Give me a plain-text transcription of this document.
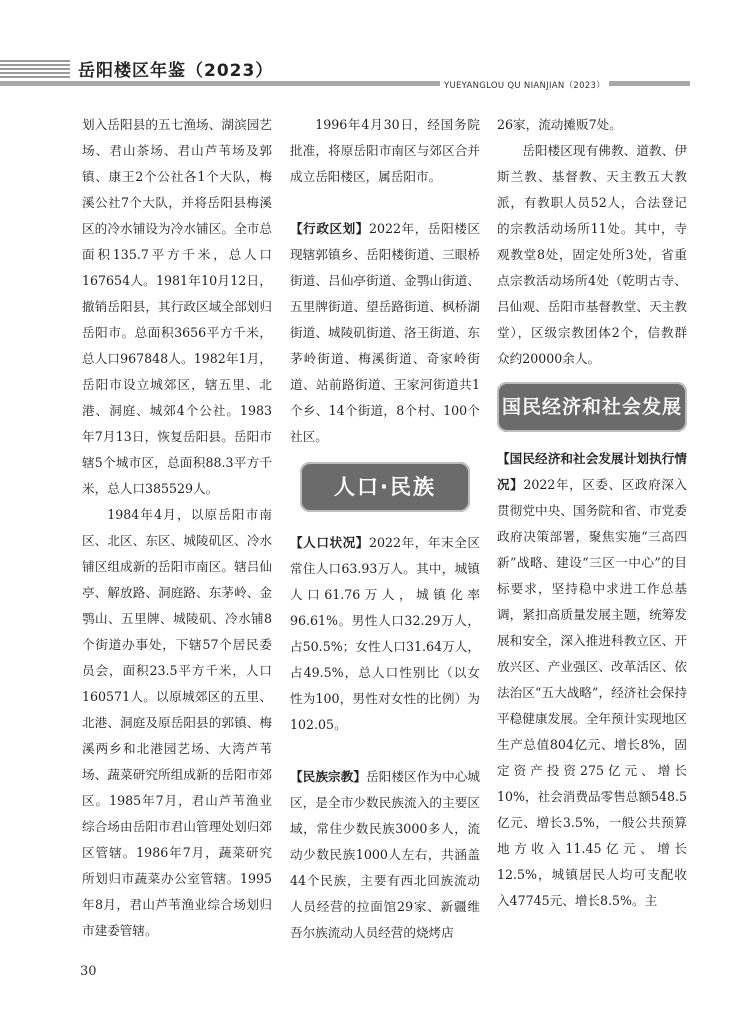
岳阳楼区年鉴（2023）
YUEYANGLOU QU NIANJIAN（2023）

划入岳阳县的五七渔场、湖滨园艺场、君山茶场、君山芦苇场及郭镇、康王2个公社各1个大队，梅溪公社7个大队，并将岳阳县梅溪区的冷水铺设为冷水铺区。全市总面积135.7平方千米，总人口167654人。1981年10月12日，撤销岳阳县，其行政区域全部划归岳阳市。总面积3656平方千米，总人口967848人。1982年1月，岳阳市设立城郊区，辖五里、北港、洞庭、城郊4个公社。1983年7月13日，恢复岳阳县。岳阳市辖5个城市区，总面积88.3平方千米，总人口385529人。

1984年4月，以原岳阳市南区、北区、东区、城陵矶区、冷水铺区组成新的岳阳市南区。辖吕仙亭、解放路、洞庭路、东茅岭、金鹗山、五里牌、城陵矶、冷水铺8个街道办事处，下辖57个居民委员会，面积23.5平方千米，人口160571人。以原城郊区的五里、北港、洞庭及原岳阳县的郭镇、梅溪两乡和北港园艺场、大湾芦苇场、蔬菜研究所组成新的岳阳市郊区。1985年7月，君山芦苇渔业综合场由岳阳市君山管理处划归郊区管辖。1986年7月，蔬菜研究所划归市蔬菜办公室管辖。1995年8月，君山芦苇渔业综合场划归市建委管辖。

1996年4月30日，经国务院批准，将原岳阳市南区与郊区合并成立岳阳楼区，属岳阳市。

【行政区划】2022年，岳阳楼区现辖郭镇乡、岳阳楼街道、三眼桥街道、吕仙亭街道、金鹗山街道、五里牌街道、望岳路街道、枫桥湖街道、城陵矶街道、洛王街道、东茅岭街道、梅溪街道、奇家岭街道、站前路街道、王家河街道共1个乡、14个街道，8个村、100个社区。

人口·民族

【人口状况】2022年，年末全区常住人口63.93万人。其中，城镇人口61.76万人，城镇化率96.61%。男性人口32.29万人，占50.5%；女性人口31.64万人，占49.5%，总人口性别比（以女性为100，男性对女性的比例）为102.05。

【民族宗教】岳阳楼区作为中心城区，是全市少数民族流入的主要区域，常住少数民族3000多人，流动少数民族1000人左右，共涵盖44个民族，主要有西北回族流动人员经营的拉面馆29家、新疆维吾尔族流动人员经营的烧烤店

26家，流动摊贩7处。

岳阳楼区现有佛教、道教、伊斯兰教、基督教、天主教五大教派，有教职人员52人，合法登记的宗教活动场所11处。其中，寺观教堂8处，固定处所3处，省重点宗教活动场所4处（乾明古寺、吕仙观、岳阳市基督教堂、天主教堂），区级宗教团体2个，信教群众约20000余人。

国民经济和社会发展

【国民经济和社会发展计划执行情况】2022年，区委、区政府深入贯彻党中央、国务院和省、市党委政府决策部署，聚焦实施“三高四新”战略、建设“三区一中心”的目标要求，坚持稳中求进工作总基调，紧扣高质量发展主题，统筹发展和安全，深入推进科教立区、开放兴区、产业强区、改革活区、依法治区“五大战略”，经济社会保持平稳健康发展。全年预计实现地区生产总值804亿元、增长8%，固定资产投资275亿元、增长10%，社会消费品零售总额548.5亿元、增长3.5%，一般公共预算地方收入11.45亿元、增长12.5%，城镇居民人均可支配收入47745元、增长8.5%。主

30
